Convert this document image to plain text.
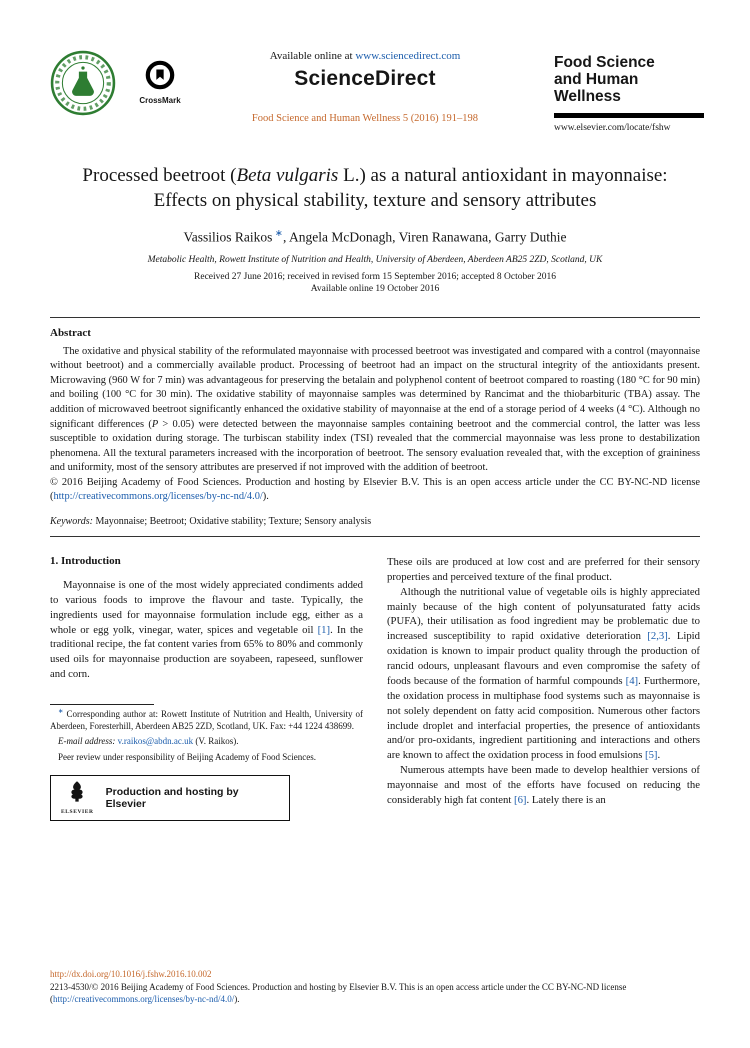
CrossMark
Available online at www.sciencedirect.com
ScienceDirect
Food Science and Human Wellness 5 (2016) 191–198
Food Science
and Human Wellness
www.elsevier.com/locate/fshw
Processed beetroot (Beta vulgaris L.) as a natural antioxidant in mayonnaise: Effects on physical stability, texture and sensory attributes
Vassilios Raikos ∗, Angela McDonagh, Viren Ranawana, Garry Duthie
Metabolic Health, Rowett Institute of Nutrition and Health, University of Aberdeen, Aberdeen AB25 2ZD, Scotland, UK
Received 27 June 2016; received in revised form 15 September 2016; accepted 8 October 2016
Available online 19 October 2016
Abstract

The oxidative and physical stability of the reformulated mayonnaise with processed beetroot was investigated and compared with a control (mayonnaise without beetroot) and a commercially available product. Processing of beetroot had an impact on the structural integrity of the antioxidants present. Microwaving (960 W for 7 min) was advantageous for preserving the betalain and polyphenol content of beetroot compared to roasting (180 °C for 90 min) and boiling (100 °C for 30 min). The oxidative stability of mayonnaise samples was determined by Rancimat and the thiobarbituric (TBA) assay. The addition of microwaved beetroot significantly enhanced the oxidative stability of mayonnaise at the end of a storage period of 4 weeks (4 °C). Although no significant differences (P > 0.05) were detected between the mayonnaise samples containing beetroot and the commercial control, the latter was less susceptible to oxidation during storage. The turbiscan stability index (TSI) revealed that the commercial mayonnaise was less prone to destabilization phenomena. All the textural parameters increased with the incorporation of beetroot. The sensory evaluation revealed that, with the exception of graininess and uniformity, most of the sensory attributes are preserved if not improved with the addition of beetroot.

© 2016 Beijing Academy of Food Sciences. Production and hosting by Elsevier B.V. This is an open access article under the CC BY-NC-ND license (http://creativecommons.org/licenses/by-nc-nd/4.0/).

Keywords: Mayonnaise; Beetroot; Oxidative stability; Texture; Sensory analysis

1. Introduction

Mayonnaise is one of the most widely appreciated condiments added to various foods to improve the flavour and taste. Typically, the ingredients used for mayonnaise formulation include egg, either as a whole or egg yolk, vinegar, water, spices and vegetable oil [1]. In the traditional recipe, the fat content varies from 65% to 80% and commonly used oils for mayonnaise production are soyabeen, rapeseed, sunflower and corn.

∗ Corresponding author at: Rowett Institute of Nutrition and Health, University of Aberdeen, Foresterhill, Aberdeen AB25 2ZD, Scotland, UK. Fax: +44 1224 438699.

E-mail address: v.raikos@abdn.ac.uk (V. Raikos).

Peer review under responsibility of Beijing Academy of Food Sciences.

ELSEVIER
Production and hosting by Elsevier

These oils are produced at low cost and are preferred for their sensory properties and perceived texture of the final product.

Although the nutritional value of vegetable oils is highly appreciated mainly because of the high content of polyunsaturated fatty acids (PUFA), their utilisation as food ingredient may be problematic due to increased susceptibility to rapid oxidative deterioration [2,3]. Lipid oxidation is known to impair product quality through the production of rancid odours, unpleasant flavours and even compromise the safety of foods because of the formation of harmful compounds [4]. Furthermore, the oxidation process in multiphase food systems such as mayonnaise is not solely dependent on fatty acid composition. Numerous other factors include droplet and interfacial properties, the presence of antioxidants and/or pro-oxidants, ingredient partitioning and interactions and others are known to affect the oxidation process in food emulsions [5].

Numerous attempts have been made to develop healthier versions of mayonnaise and most of the efforts have focused on reducing the considerably high fat content [6]. Lately there is an

http://dx.doi.org/10.1016/j.fshw.2016.10.002
2213-4530/© 2016 Beijing Academy of Food Sciences. Production and hosting by Elsevier B.V. This is an open access article under the CC BY-NC-ND license
(http://creativecommons.org/licenses/by-nc-nd/4.0/).
